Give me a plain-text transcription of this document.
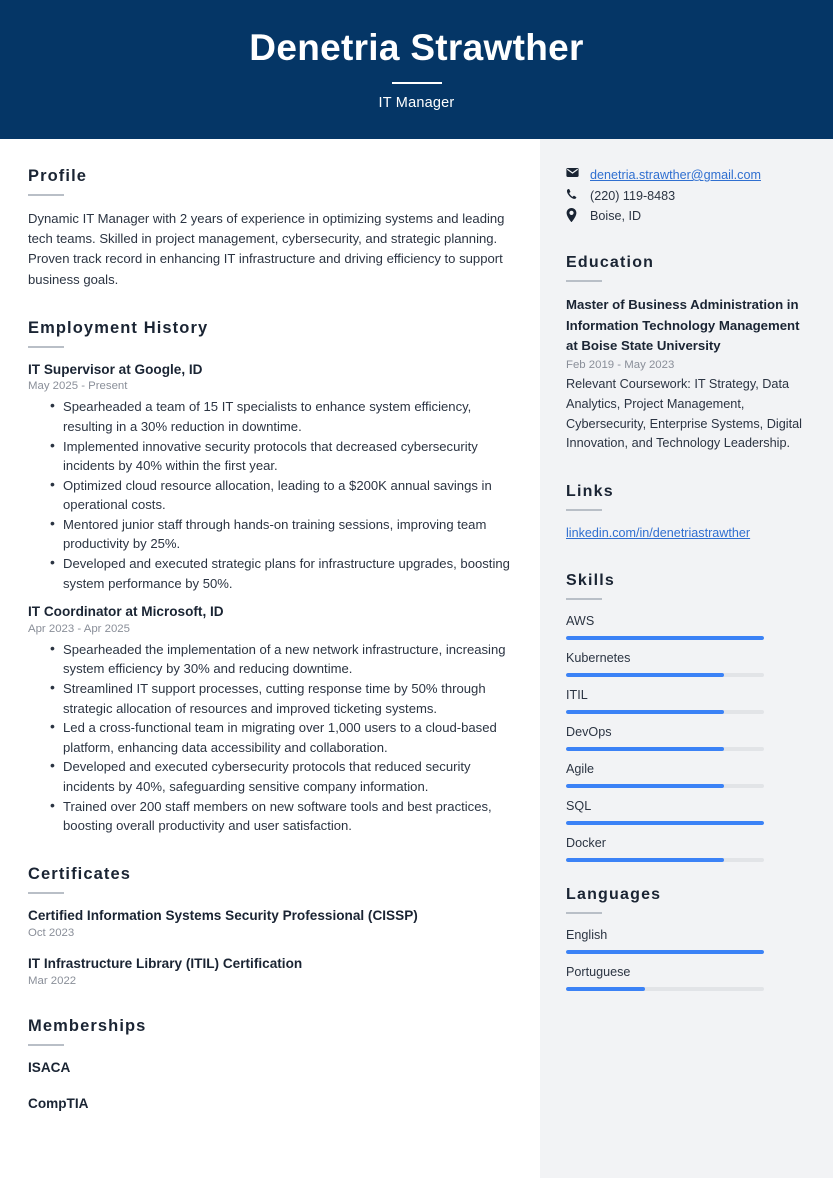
Denetria Strawther
IT Manager
Profile

Dynamic IT Manager with 2 years of experience in optimizing systems and leading tech teams. Skilled in project management, cybersecurity, and strategic planning. Proven track record in enhancing IT infrastructure and driving efficiency to support business goals.

Employment History
IT Supervisor at Google, ID
May 2025 - Present
• Spearheaded a team of 15 IT specialists to enhance system efficiency, resulting in a 30% reduction in downtime.
• Implemented innovative security protocols that decreased cybersecurity incidents by 40% within the first year.
• Optimized cloud resource allocation, leading to a $200K annual savings in operational costs.
• Mentored junior staff through hands-on training sessions, improving team productivity by 25%.
• Developed and executed strategic plans for infrastructure upgrades, boosting system performance by 50%.
IT Coordinator at Microsoft, ID
Apr 2023 - Apr 2025
• Spearheaded the implementation of a new network infrastructure, increasing system efficiency by 30% and reducing downtime.
• Streamlined IT support processes, cutting response time by 50% through strategic allocation of resources and improved ticketing systems.
• Led a cross-functional team in migrating over 1,000 users to a cloud-based platform, enhancing data accessibility and collaboration.
• Developed and executed cybersecurity protocols that reduced security incidents by 40%, safeguarding sensitive company information.
• Trained over 200 staff members on new software tools and best practices, boosting overall productivity and user satisfaction.
Certificates
Certified Information Systems Security Professional (CISSP)
Oct 2023
IT Infrastructure Library (ITIL) Certification
Mar 2022
Memberships
ISACA
CompTIA
denetria.strawther@gmail.com
(220) 119-8483
Boise, ID
Education
Master of Business Administration in Information Technology Management at Boise State University
Feb 2019 - May 2023
Relevant Coursework: IT Strategy, Data Analytics, Project Management, Cybersecurity, Enterprise Systems, Digital Innovation, and Technology Leadership.
Links
linkedin.com/in/denetriastrawther
Skills
AWS
Kubernetes
ITIL
DevOps
Agile
SQL
Docker
Languages
English
Portuguese
